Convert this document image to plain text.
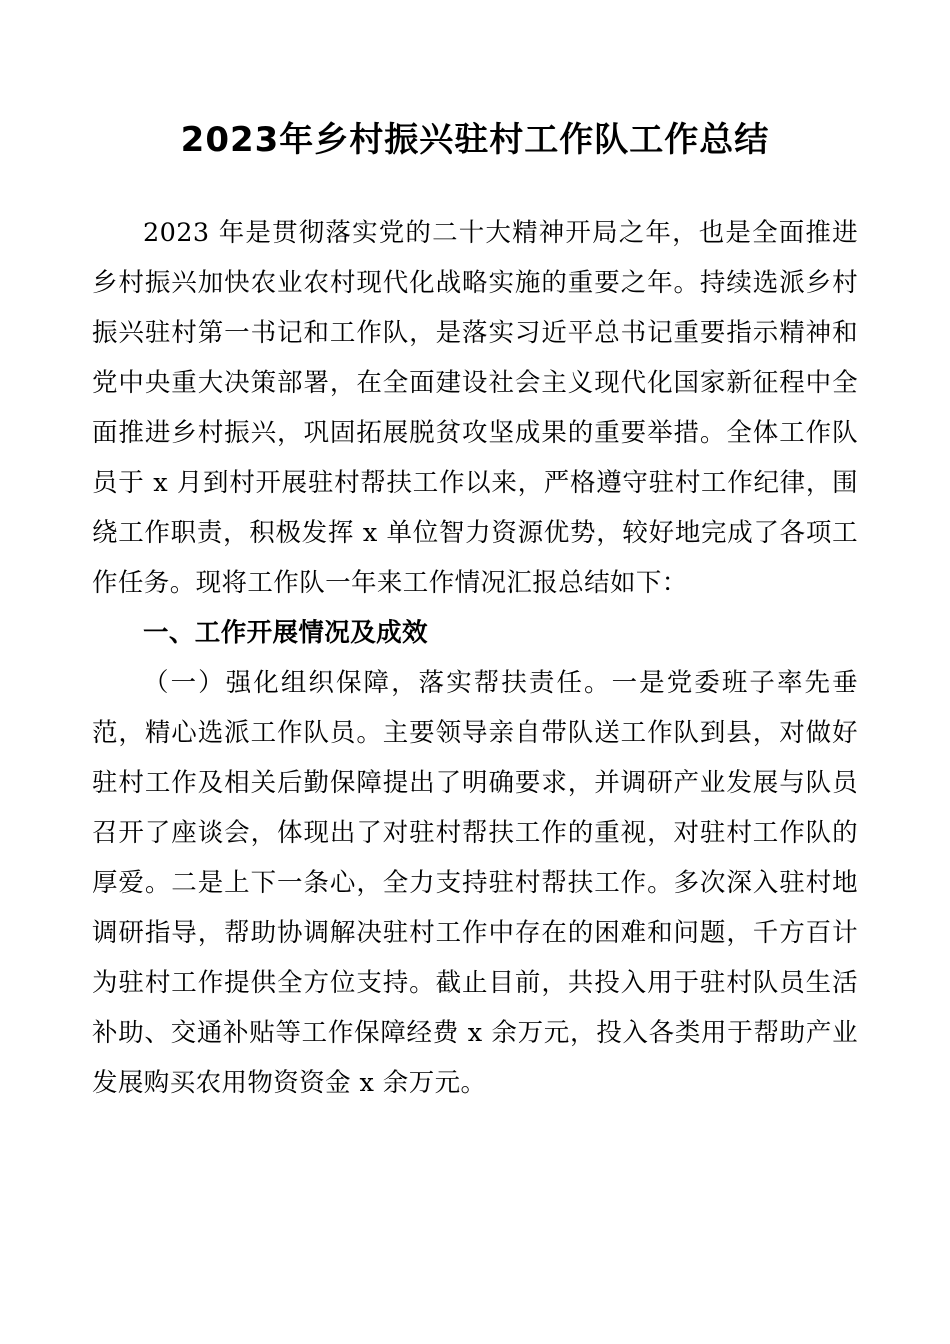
2023年乡村振兴驻村工作队工作总结

2023 年是贯彻落实党的二十大精神开局之年，也是全面推进乡村振兴加快农业农村现代化战略实施的重要之年。持续选派乡村振兴驻村第一书记和工作队，是落实习近平总书记重要指示精神和党中央重大决策部署，在全面建设社会主义现代化国家新征程中全面推进乡村振兴，巩固拓展脱贫攻坚成果的重要举措。全体工作队员于 x 月到村开展驻村帮扶工作以来，严格遵守驻村工作纪律，围绕工作职责，积极发挥 x 单位智力资源优势，较好地完成了各项工作任务。现将工作队一年来工作情况汇报总结如下：

一、工作开展情况及成效

（一）强化组织保障，落实帮扶责任。一是党委班子率先垂范，精心选派工作队员。主要领导亲自带队送工作队到县，对做好驻村工作及相关后勤保障提出了明确要求，并调研产业发展与队员召开了座谈会，体现出了对驻村帮扶工作的重视，对驻村工作队的厚爱。二是上下一条心，全力支持驻村帮扶工作。多次深入驻村地调研指导，帮助协调解决驻村工作中存在的困难和问题，千方百计为驻村工作提供全方位支持。截止目前，共投入用于驻村队员生活补助、交通补贴等工作保障经费 x 余万元，投入各类用于帮助产业发展购买农用物资资金 x 余万元。
